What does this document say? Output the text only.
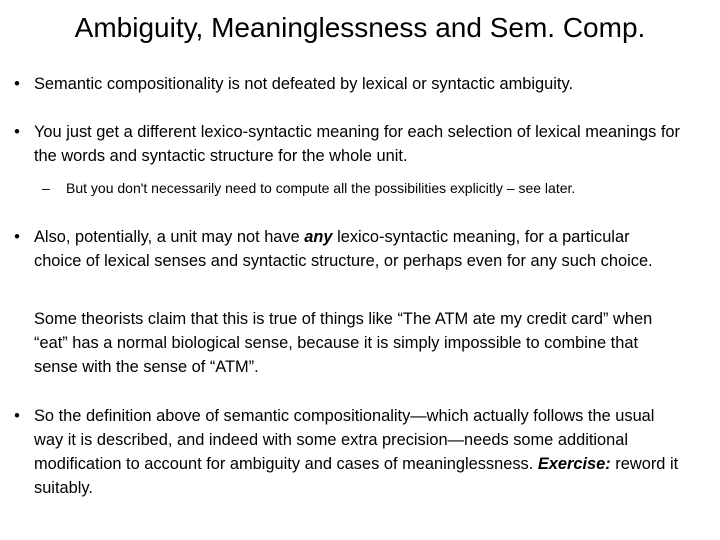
Ambiguity, Meaninglessness and Sem. Comp.
• Semantic compositionality is not defeated by lexical or syntactic ambiguity.
• You just get a different lexico-syntactic meaning for each selection of lexical meanings for the words and syntactic structure for the whole unit.
– But you don't necessarily need to compute all the possibilities explicitly – see later.
• Also, potentially, a unit may not have any lexico-syntactic meaning, for a particular choice of lexical senses and syntactic structure, or perhaps even for any such choice.
Some theorists claim that this is true of things like “The ATM ate my credit card” when “eat” has a normal biological sense, because it is simply impossible to combine that sense with the sense of “ATM”.
• So the definition above of semantic compositionality—which actually follows the usual way it is described, and indeed with some extra precision—needs some additional modification to account for ambiguity and cases of meaninglessness. Exercise: reword it suitably.
